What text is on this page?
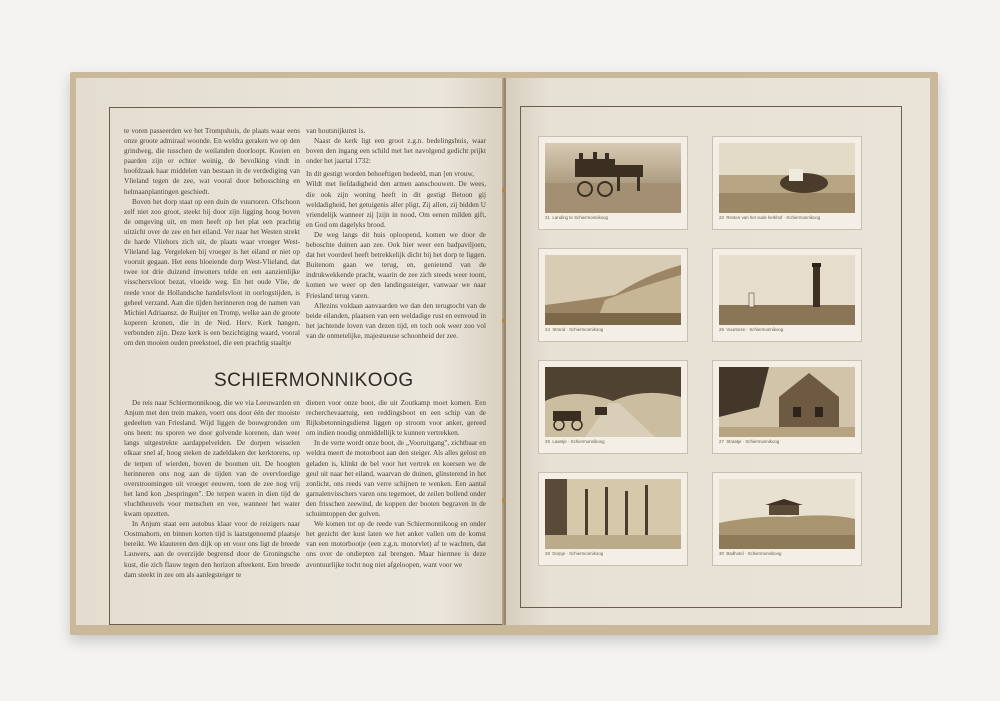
te voren passeerden we het Trompshuis, de plaats waar eens onze groote admiraal woonde. En weldra geraken we op den grindweg, die tusschen de weilanden doorloopt. Koeien en paarden zijn er echter weinig, de bevolking vindt in hoofdzaak haar middelen van bestaan in de verdediging van Vlieland tegen de zee, wat vooral door behossching en helmaanplantingen geschiedt.

Boven het dorp staat op een duin de vuurtoren. Ofschoon zelf niet zoo groot, steekt hij door zijn ligging hoog boven de omgeving uit, en men heeft op het plat een prachtig uitzicht over de zee en het eiland. Ver naar het Westen strekt de harde Vliehors zich uit, de plaats waar vroeger West-Vlieland lag. Vergeleken bij vroeger is het eiland er niet op vooruit gegaan. Het eens bloeiende dorp West-Vlieland, dat twee tot drie duizend inwoners telde en een aanzienlijke visschersvloot bezat, vloeide weg. En het oude Vlie, de reede voor de Hollandsche handelsvloot in oorlogstijden, is geheel verzand. Aan die tijden herinneren nog de namen van Michiel Adriaansz. de Ruijter en Tromp, welke aan de groote koperen kronen, die in de Ned. Herv. Kerk hangen, verbonden zijn. Deze kerk is een bezichtiging waard, vooral om den mooien ouden preekstoel, die een prachtig staaltje

van houtsnijkunst is.

Naast de kerk ligt een groot z.g.n. bedelingshuis, waar boven den ingang een schild met het navolgend gedicht prijkt onder het jaartal 1732:

In dit gestigt worden behoeftigen bedeeld, man [en vrouw,

Wildt met liefdadigheid den armen aanschouwen. De wees, die ook zijn woning heeft in dit gestigt Betoon gij weldadigheid, het getuigenis aller pligt, Zij allen, zij bidden U vriendelijk wanneer zij [zijn in nood, Om eenen milden gift, en God om dagelyks brood.

De weg langs dit huis oploopend, komen we door de beboschte duinen aan zee. Ook hier weer een badpaviljoen, dat het voordeel heeft betrekkelijk dicht bij het dorp te liggen. Buitenom gaan we terug, en, genietend van de indrukwekkende pracht, waarin de zee zich steeds weer toont, komen we weer op den landingssteiger, vanwaar we naar Friesland terug varen.

Allezins voldaan aanvaarden we dan den terugtocht van de beide eilanden, plaatsen van een weldadige rust en eenvoud in het jachtende loven van dezen tijd, en toch ook weer zoo vol van de onmetelijke, majestueuse schoonheid der zee.

SCHIERMONNIKOOG

De reis naar Schiermonnikoog, die we via Leeuwarden en Anjum met den trein maken, voert ons door één der mooiste gedeelten van Friesland. Wijd liggen de bouwgronden om ons heen: nu sporen we door golvende korenen, dan weer langs uitgestrekte aardappelvelden. De dorpen wisselen elkaar snel af, hoog steken de zadeldaken der kerktorens, op de terpen of wierden, boven de boomen uit. De hoogten herinneren ons nog aan de tijden van de overvloedige overstroomingen uit vroeger eeuwen, toen de zee nog vrij het land kon „bespringen". De terpen waren in dien tijd de vluchtheuvels voor menschen en vee, wanneer het water kwam opzetten.

In Anjum staat een autobus klaar voor de reizigers naar Oostmahorn, en binnen korten tijd is laatstgenoemd plaatsje bereikt. We klauteren den dijk op en voor ons ligt de breede Lauwers, aan de overzijde begrensd door de Groningsche kust, die zich flauw tegen den horizon afteekent. Een breede dam steekt in zee om als aanlegsteiger te

dienen voor onze boot, die uit Zoutkamp moet komen. Een recherchevaartuig, een reddingsboot en een schip van de Rijksbetonningsdienst liggen op stroom voor anker, gereed om indien noodig onmiddellijk te kunnen vertrekken.

In de verte wordt onze boot, de „Vooruitgang", zichtbaar en weldra meert de motorboot aan den steiger. Als alles gelost en geladen is, klinkt de bel voor het vertrek en koersen we de geul uit naar het eiland, waarvan de duinen, glinsterend in het zonlicht, ons reeds van verre schijnen te wenken. Een aantal garnalenvisschers varen ons tegemoet, de zeilen bollend onder den frisschen zeewind, de koppen der booten begraven in de schuimtoppen der golven.

We komen tot op de reede van Schiermonnikoog en onder het gezicht der kust laten we het anker vallen om de komst van een motorbootje (een z.g.n. motorvlet) af te wachten, dat ons over de ondiepten zal brengen. Maar hiermee is deze avontuurlijke tocht nog niet afgeloopen, want voor we

21 Landing te Schiermonnikoog	22 Resten van het oude kerkhof · Schiermonnikoog
24 Strand · Schiermonnikoog	26 Vuurtoren · Schiermonnikoog
25 Laantje · Schiermonnikoog	27 Straatje · Schiermonnikoog
28 Dorpje · Schiermonnikoog	30 Badhotel · Schiermonnikoog
